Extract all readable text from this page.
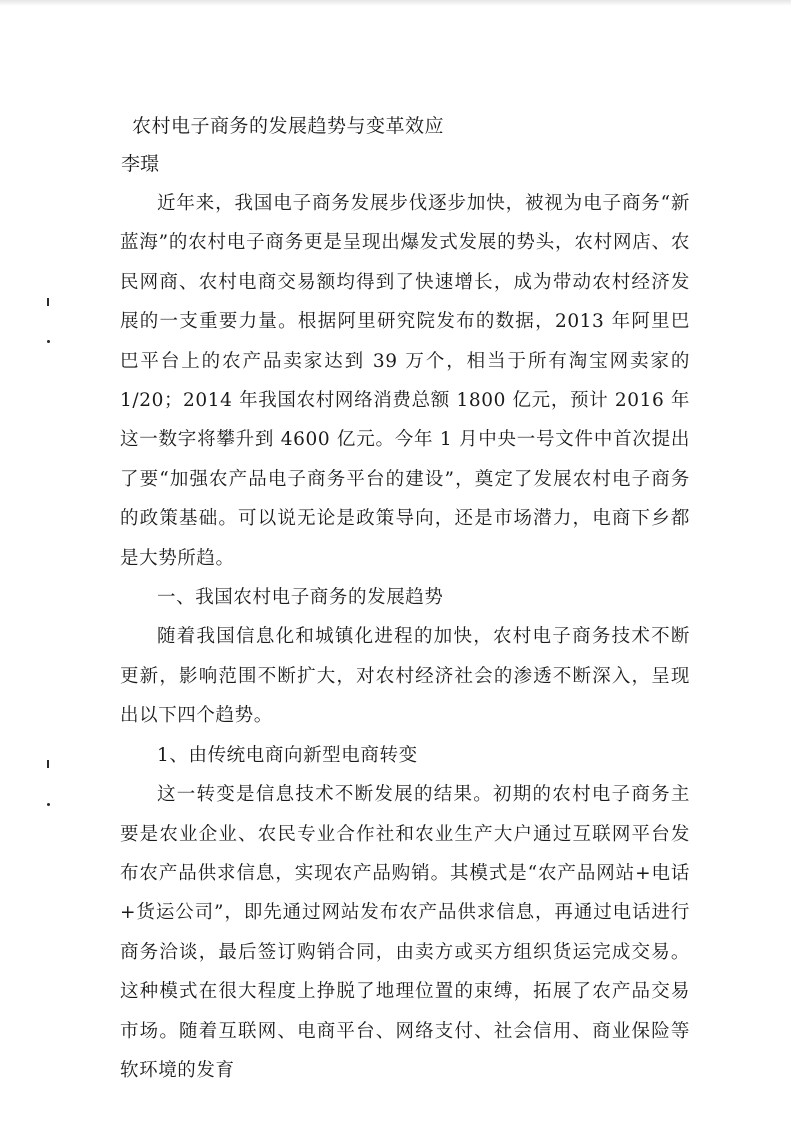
农村电子商务的发展趋势与变革效应
李璟

近年来，我国电子商务发展步伐逐步加快，被视为电子商务“新蓝海”的农村电子商务更是呈现出爆发式发展的势头，农村网店、农民网商、农村电商交易额均得到了快速增长，成为带动农村经济发展的一支重要力量。根据阿里研究院发布的数据，2013 年阿里巴巴平台上的农产品卖家达到 39 万个，相当于所有淘宝网卖家的 1/20；2014 年我国农村网络消费总额 1800 亿元，预计 2016 年这一数字将攀升到 4600 亿元。今年 1 月中央一号文件中首次提出了要“加强农产品电子商务平台的建设”，奠定了发展农村电子商务的政策基础。可以说无论是政策导向，还是市场潜力，电商下乡都是大势所趋。

一、我国农村电子商务的发展趋势

随着我国信息化和城镇化进程的加快，农村电子商务技术不断更新，影响范围不断扩大，对农村经济社会的渗透不断深入，呈现出以下四个趋势。

1、由传统电商向新型电商转变

这一转变是信息技术不断发展的结果。初期的农村电子商务主要是农业企业、农民专业合作社和农业生产大户通过互联网平台发布农产品供求信息，实现农产品购销。其模式是“农产品网站+电话+货运公司”，即先通过网站发布农产品供求信息，再通过电话进行商务洽谈，最后签订购销合同，由卖方或买方组织货运完成交易。这种模式在很大程度上挣脱了地理位置的束缚，拓展了农产品交易市场。随着互联网、电商平台、网络支付、社会信用、商业保险等软环境的发育
